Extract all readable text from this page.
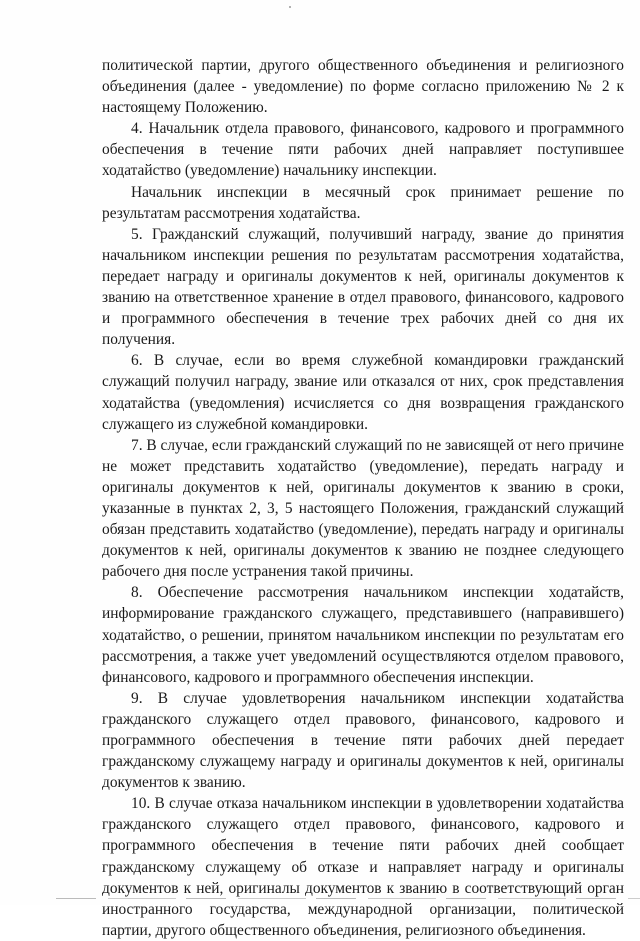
политической партии, другого общественного объединения и религиозного объединения (далее - уведомление) по форме согласно приложению № 2 к настоящему Положению.

4. Начальник отдела правового, финансового, кадрового и программного обеспечения в течение пяти рабочих дней направляет поступившее ходатайство (уведомление) начальнику инспекции.

Начальник инспекции в месячный срок принимает решение по результатам рассмотрения ходатайства.

5. Гражданский служащий, получивший награду, звание до принятия начальником инспекции решения по результатам рассмотрения ходатайства, передает награду и оригиналы документов к ней, оригиналы документов к званию на ответственное хранение в отдел правового, финансового, кадрового и программного обеспечения в течение трех рабочих дней со дня их получения.

6. В случае, если во время служебной командировки гражданский служащий получил награду, звание или отказался от них, срок представления ходатайства (уведомления) исчисляется со дня возвращения гражданского служащего из служебной командировки.

7. В случае, если гражданский служащий по не зависящей от него причине не может представить ходатайство (уведомление), передать награду и оригиналы документов к ней, оригиналы документов к званию в сроки, указанные в пунктах 2, 3, 5 настоящего Положения, гражданский служащий обязан представить ходатайство (уведомление), передать награду и оригиналы документов к ней, оригиналы документов к званию не позднее следующего рабочего дня после устранения такой причины.

8. Обеспечение рассмотрения начальником инспекции ходатайств, информирование гражданского служащего, представившего (направившего) ходатайство, о решении, принятом начальником инспекции по результатам его рассмотрения, а также учет уведомлений осуществляются отделом правового, финансового, кадрового и программного обеспечения инспекции.

9. В случае удовлетворения начальником инспекции ходатайства гражданского служащего отдел правового, финансового, кадрового и программного обеспечения в течение пяти рабочих дней передает гражданскому служащему награду и оригиналы документов к ней, оригиналы документов к званию.

10. В случае отказа начальником инспекции в удовлетворении ходатайства гражданского служащего отдел правового, финансового, кадрового и программного обеспечения в течение пяти рабочих дней сообщает гражданскому служащему об отказе и направляет награду и оригиналы документов к ней, оригиналы документов к званию в соответствующий орган иностранного государства, международной организации, политической партии, другого общественного объединения, религиозного объединения.
